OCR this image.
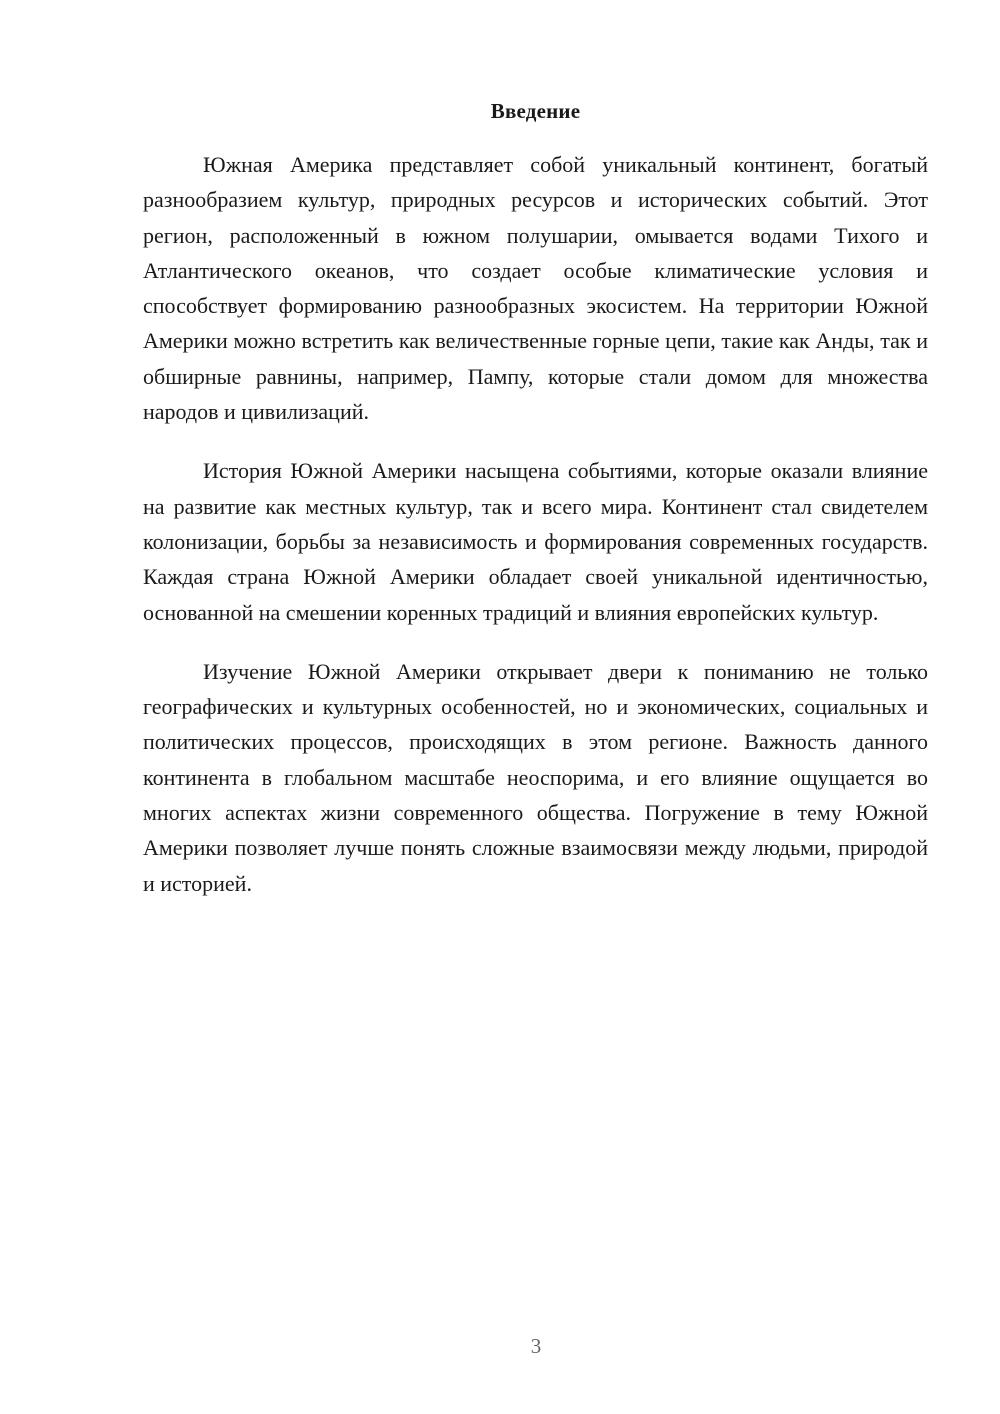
Введение

Южная Америка представляет собой уникальный континент, богатый разнообразием культур, природных ресурсов и исторических событий. Этот регион, расположенный в южном полушарии, омывается водами Тихого и Атлантического океанов, что создает особые климатические условия и способствует формированию разнообразных экосистем. На территории Южной Америки можно встретить как величественные горные цепи, такие как Анды, так и обширные равнины, например, Пампу, которые стали домом для множества народов и цивилизаций.

История Южной Америки насыщена событиями, которые оказали влияние на развитие как местных культур, так и всего мира. Континент стал свидетелем колонизации, борьбы за независимость и формирования современных государств. Каждая страна Южной Америки обладает своей уникальной идентичностью, основанной на смешении коренных традиций и влияния европейских культур.

Изучение Южной Америки открывает двери к пониманию не только географических и культурных особенностей, но и экономических, социальных и политических процессов, происходящих в этом регионе. Важность данного континента в глобальном масштабе неоспорима, и его влияние ощущается во многих аспектах жизни современного общества. Погружение в тему Южной Америки позволяет лучше понять сложные взаимосвязи между людьми, природой и историей.

3
